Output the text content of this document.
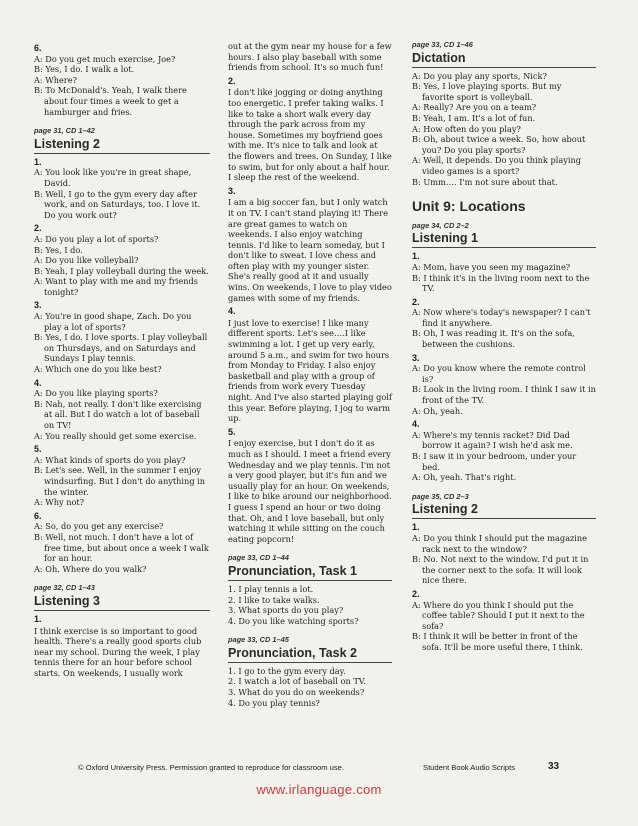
6.
A: Do you get much exercise, Joe?
B: Yes, I do. I walk a lot.
A: Where?
B: To McDonald's. Yeah, I walk there about four times a week to get a hamburger and fries.
page 31, CD 1–42
Listening 2
1.
A: You look like you're in great shape, David.
B: Well, I go to the gym every day after work, and on Saturdays, too. I love it. Do you work out?
2.
A: Do you play a lot of sports?
B: Yes, I do.
A: Do you like volleyball?
B: Yeah, I play volleyball during the week.
A: Want to play with me and my friends tonight?
3.
A: You're in good shape, Zach. Do you play a lot of sports?
B: Yes, I do. I love sports. I play volleyball on Thursdays, and on Saturdays and Sundays I play tennis.
A: Which one do you like best?
4.
A: Do you like playing sports?
B: Nah, not really. I don't like exercising at all. But I do watch a lot of baseball on TV!
A: You really should get some exercise.
5.
A: What kinds of sports do you play?
B: Let's see. Well, in the summer I enjoy windsurfing. But I don't do anything in the winter.
A: Why not?
6.
A: So, do you get any exercise?
B: Well, not much. I don't have a lot of free time, but about once a week I walk for an hour.
A: Oh. Where do you walk?
page 32, CD 1–43
Listening 3
1.
I think exercise is so important to good health. There's a really good sports club near my school. During the week, I play tennis there for an hour before school starts. On weekends, I usually work
out at the gym near my house for a few hours. I also play baseball with some friends from school. It's so much fun!
2.
I don't like jogging or doing anything too energetic. I prefer taking walks. I like to take a short walk every day through the park across from my house. Sometimes my boyfriend goes with me. It's nice to talk and look at the flowers and trees. On Sunday, I like to swim, but for only about a half hour. I sleep the rest of the weekend.
3.
I am a big soccer fan, but I only watch it on TV. I can't stand playing it! There are great games to watch on weekends. I also enjoy watching tennis. I'd like to learn someday, but I don't like to sweat. I love chess and often play with my younger sister. She's really good at it and usually wins. On weekends, I love to play video games with some of my friends.
4.
I just love to exercise! I like many different sports. Let's see….I like swimming a lot. I get up very early, around 5 a.m., and swim for two hours from Monday to Friday. I also enjoy basketball and play with a group of friends from work every Tuesday night. And I've also started playing golf this year. Before playing, I jog to warm up.
5.
I enjoy exercise, but I don't do it as much as I should. I meet a friend every Wednesday and we play tennis. I'm not a very good player, but it's fun and we usually play for an hour. On weekends, I like to bike around our neighborhood. I guess I spend an hour or two doing that. Oh, and I love baseball, but only watching it while sitting on the couch eating popcorn!
page 33, CD 1–44
Pronunciation, Task 1
1. I play tennis a lot.
2. I like to take walks.
3. What sports do you play?
4. Do you like watching sports?
page 33, CD 1–45
Pronunciation, Task 2
1. I go to the gym every day.
2. I watch a lot of baseball on TV.
3. What do you do on weekends?
4. Do you play tennis?
page 33, CD 1–46
Dictation
A: Do you play any sports, Nick?
B: Yes, I love playing sports. But my favorite sport is volleyball.
A: Really? Are you on a team?
B: Yeah, I am. It's a lot of fun.
A: How often do you play?
B: Oh, about twice a week. So, how about you? Do you play sports?
A: Well, it depends. Do you think playing video games is a sport?
B: Umm…. I'm not sure about that.
Unit 9: Locations
page 34, CD 2–2
Listening 1
1.
A: Mom, have you seen my magazine?
B: I think it's in the living room next to the TV.
2.
A: Now where's today's newspaper? I can't find it anywhere.
B: Oh, I was reading it. It's on the sofa, between the cushions.
3.
A: Do you know where the remote control is?
B: Look in the living room. I think I saw it in front of the TV.
A: Oh, yeah.
4.
A: Where's my tennis racket? Did Dad borrow it again? I wish he'd ask me.
B: I saw it in your bedroom, under your bed.
A: Oh, yeah. That's right.
page 35, CD 2–3
Listening 2
1.
A: Do you think I should put the magazine rack next to the window?
B: No. Not next to the window. I'd put it in the corner next to the sofa. It will look nice there.
2.
A: Where do you think I should put the coffee table? Should I put it next to the sofa?
B: I think it will be better in front of the sofa. It'll be more useful there, I think.
© Oxford University Press. Permission granted to reproduce for classroom use.	Student Book Audio Scripts	33
www.irlanguage.com
